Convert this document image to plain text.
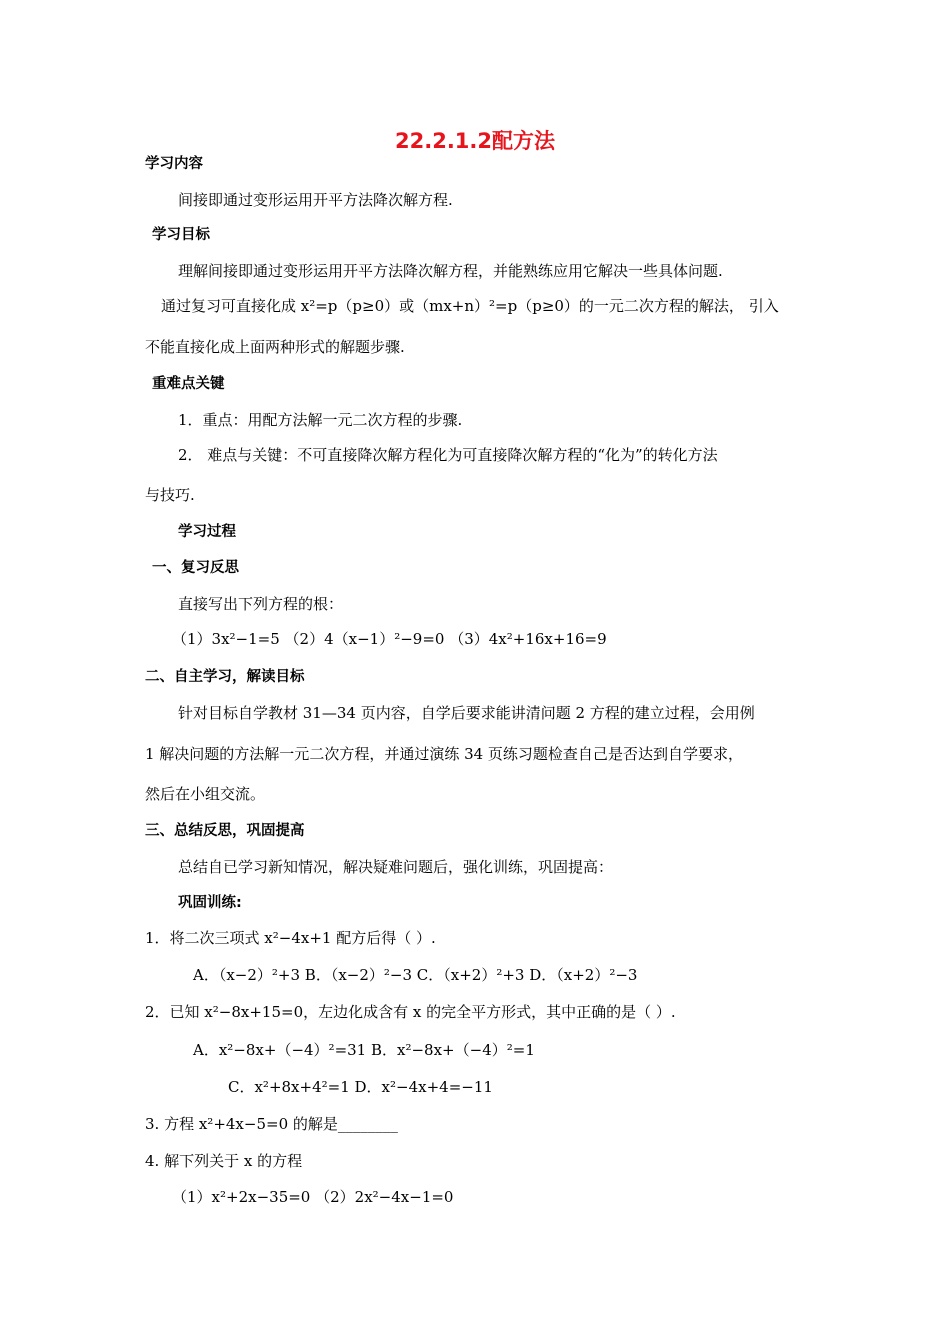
22.2.1.2配方法
学习内容
间接即通过变形运用开平方法降次解方程.
学习目标
理解间接即通过变形运用开平方法降次解方程，并能熟练应用它解决一些具体问题.
通过复习可直接化成 x²=p（p≥0）或（mx+n）²=p（p≥0）的一元二次方程的解法， 引入
不能直接化成上面两种形式的解题步骤.
重难点关键
1．重点：用配方法解一元二次方程的步骤.
2． 难点与关键：不可直接降次解方程化为可直接降次解方程的“化为”的转化方法
与技巧.
学习过程
一、复习反思
直接写出下列方程的根：
（1）3x²−1=5 （2）4（x−1）²−9=0 （3）4x²+16x+16=9
二、自主学习，解读目标
针对目标自学教材 31—34 页内容，自学后要求能讲清问题 2 方程的建立过程，会用例
1 解决问题的方法解一元二次方程，并通过演练 34 页练习题检查自己是否达到自学要求，
然后在小组交流。
三、总结反思，巩固提高
总结自已学习新知情况，解决疑难问题后，强化训练，巩固提高：
巩固训练:
1．将二次三项式 x²−4x+1 配方后得（ ）.
A．（x−2）²+3 B．（x−2）²−3 C．（x+2）²+3 D．（x+2）²−3
2．已知 x²−8x+15=0，左边化成含有 x 的完全平方形式，其中正确的是（ ）.
A．x²−8x+（−4）²=31 B．x²−8x+（−4）²=1
C．x²+8x+4²=1 D．x²−4x+4=−11
3. 方程 x²+4x−5=0 的解是________
4. 解下列关于 x 的方程
（1）x²+2x−35=0 （2）2x²−4x−1=0
